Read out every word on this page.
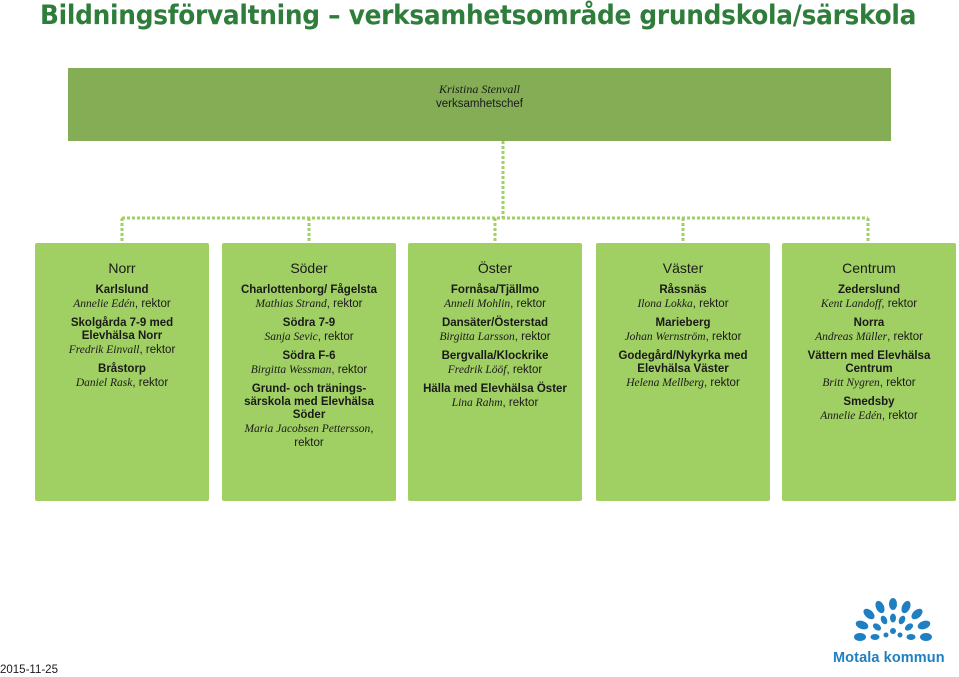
Bildningsförvaltning – verksamhetsområde grundskola/särskola
Kristina Stenvall
verksamhetschef
Norr
Karlslund
Annelie Edén, rektor
Skolgårda 7-9 med Elevhälsa Norr
Fredrik Einvall, rektor
Bråstorp
Daniel Rask, rektor
Söder
Charlottenborg/ Fågelsta
Mathias Strand, rektor
Södra 7-9
Sanja Sevic, rektor
Södra F-6
Birgitta Wessman, rektor
Grund- och tränings-särskola med Elevhälsa Söder
Maria Jacobsen Pettersson, rektor
Öster
Fornåsa/Tjällmo
Anneli Mohlin, rektor
Dansäter/Österstad
Birgitta Larsson, rektor
Bergvalla/Klockrike
Fredrik Lööf, rektor
Hälla med Elevhälsa Öster
Lina Rahm, rektor
Väster
Råssnäs
Ilona Lokka, rektor
Marieberg
Johan Wernström, rektor
Godegård/Nykyrka med Elevhälsa Väster
Helena Mellberg, rektor
Centrum
Zederslund
Kent Landoff, rektor
Norra
Andreas Müller, rektor
Vättern med Elevhälsa Centrum
Britt Nygren, rektor
Smedsby
Annelie Edén, rektor
2015-11-25
Motala kommun
